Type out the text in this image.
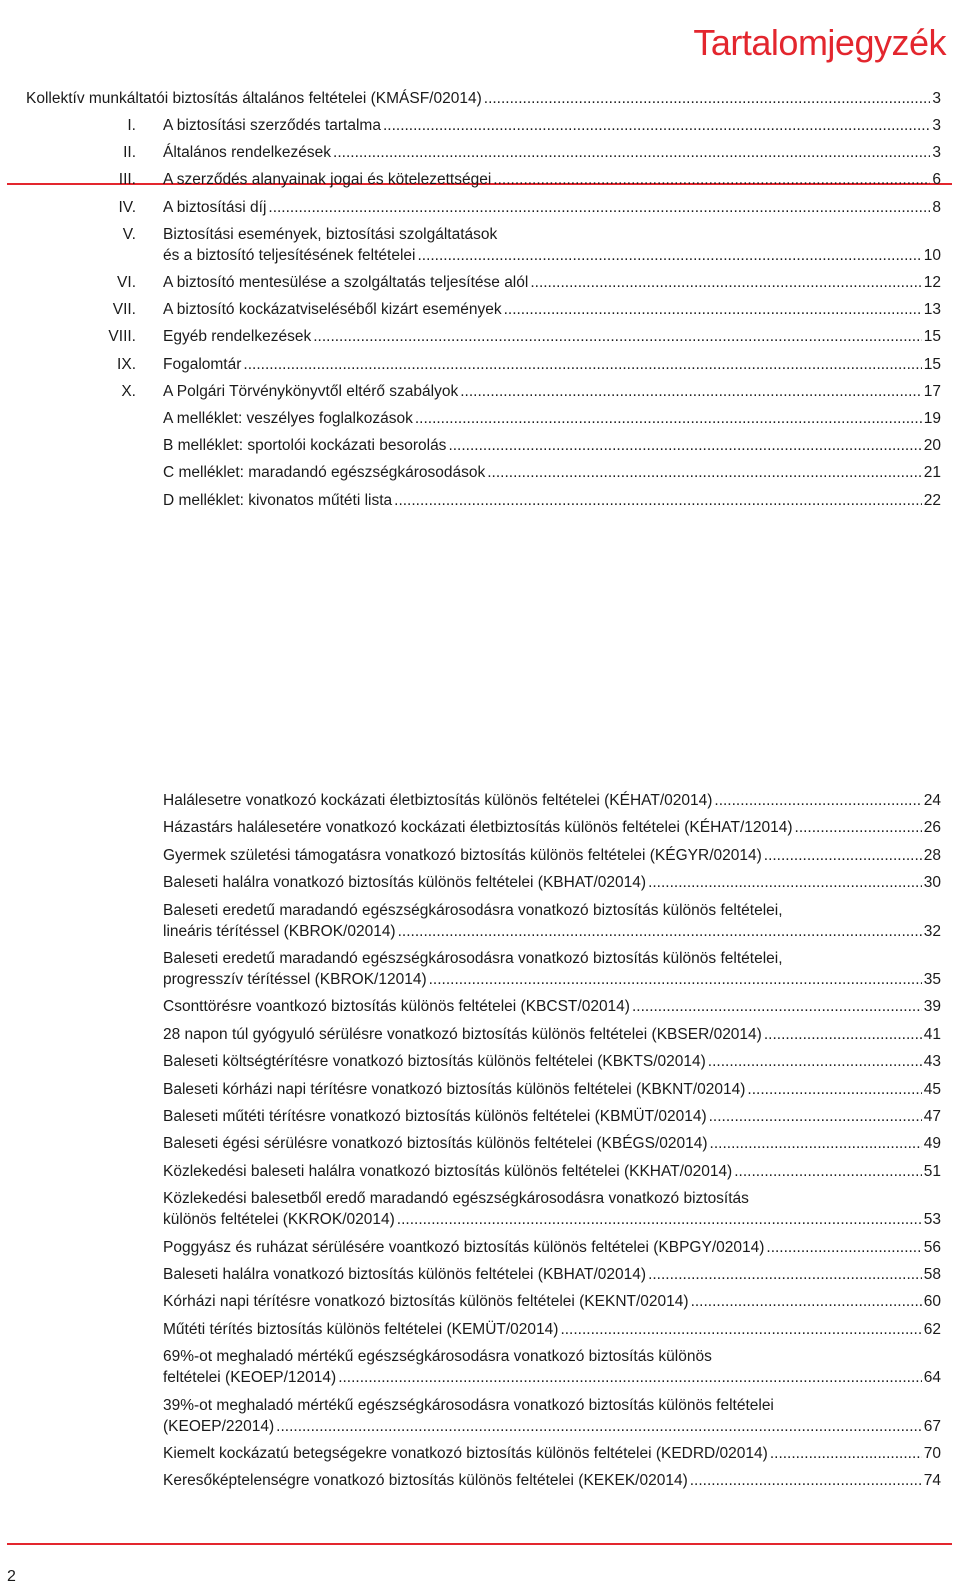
Tartalomjegyzék
Kollektív munkáltatói biztosítás általános feltételei (KMÁSF/02014) .....	3
I. A biztosítási szerződés tartalma .....	3
II. Általános rendelkezések .....	3
III. A szerződés alanyainak jogai és kötelezettségei .....	6
IV. A biztosítási díj .....	8
V. Biztosítási események, biztosítási szolgáltatások
és a biztosító teljesítésének feltételei .....	10
VI. A biztosító mentesülése a szolgáltatás teljesítése alól .....	12
VII. A biztosító kockázatviseléséből kizárt események .....	13
VIII. Egyéb rendelkezések .....	15
IX. Fogalomtár .....	15
X. A Polgári Törvénykönyvtől eltérő szabályok .....	17
A melléklet: veszélyes foglalkozások .....	19
B melléklet: sportolói kockázati besorolás .....	20
C melléklet: maradandó egészségkárosodások .....	21
D melléklet: kivonatos műtéti lista .....	22
Halálesetre vonatkozó kockázati életbiztosítás különös feltételei (KÉHAT/02014) .....	24
Házastárs halálesetére vonatkozó kockázati életbiztosítás különös feltételei (KÉHAT/12014) .....	26
Gyermek születési támogatásra vonatkozó biztosítás különös feltételei (KÉGYR/02014) .....	28
Baleseti halálra vonatkozó biztosítás különös feltételei (KBHAT/02014) .....	30
Baleseti eredetű maradandó egészségkárosodásra vonatkozó biztosítás különös feltételei,
lineáris térítéssel (KBROK/02014) .....	32
Baleseti eredetű maradandó egészségkárosodásra vonatkozó biztosítás különös feltételei,
progresszív térítéssel (KBROK/12014) .....	35
Csonttörésre voantkozó biztosítás különös feltételei (KBCST/02014) .....	39
28 napon túl gyógyuló sérülésre vonatkozó biztosítás különös feltételei (KBSER/02014) .....	41
Baleseti költségtérítésre vonatkozó biztosítás különös feltételei (KBKTS/02014) .....	43
Baleseti kórházi napi térítésre vonatkozó biztosítás különös feltételei (KBKNT/02014) .....	45
Baleseti műtéti térítésre vonatkozó biztosítás különös feltételei (KBMÜT/02014) .....	47
Baleseti égési sérülésre vonatkozó biztosítás különös feltételei (KBÉGS/02014) .....	49
Közlekedési baleseti halálra vonatkozó biztosítás különös feltételei (KKHAT/02014) .....	51
Közlekedési balesetből eredő maradandó egészségkárosodásra vonatkozó biztosítás
különös feltételei (KKROK/02014) .....	53
Poggyász és ruházat sérülésére voantkozó biztosítás különös feltételei (KBPGY/02014) .....	56
Baleseti halálra vonatkozó biztosítás különös feltételei (KBHAT/02014) .....	58
Kórházi napi térítésre vonatkozó biztosítás különös feltételei (KEKNT/02014) .....	60
Műtéti térítés biztosítás különös feltételei (KEMÜT/02014) .....	62
69%-ot meghaladó mértékű egészségkárosodásra vonatkozó biztosítás különös
feltételei (KEOEP/12014) .....	64
39%-ot meghaladó mértékű egészségkárosodásra vonatkozó biztosítás különös feltételei
(KEOEP/22014) .....	67
Kiemelt kockázatú betegségekre vonatkozó biztosítás különös feltételei (KEDRD/02014) .....	70
Keresőképtelenségre vonatkozó biztosítás különös feltételei (KEKEK/02014) .....	74
2
